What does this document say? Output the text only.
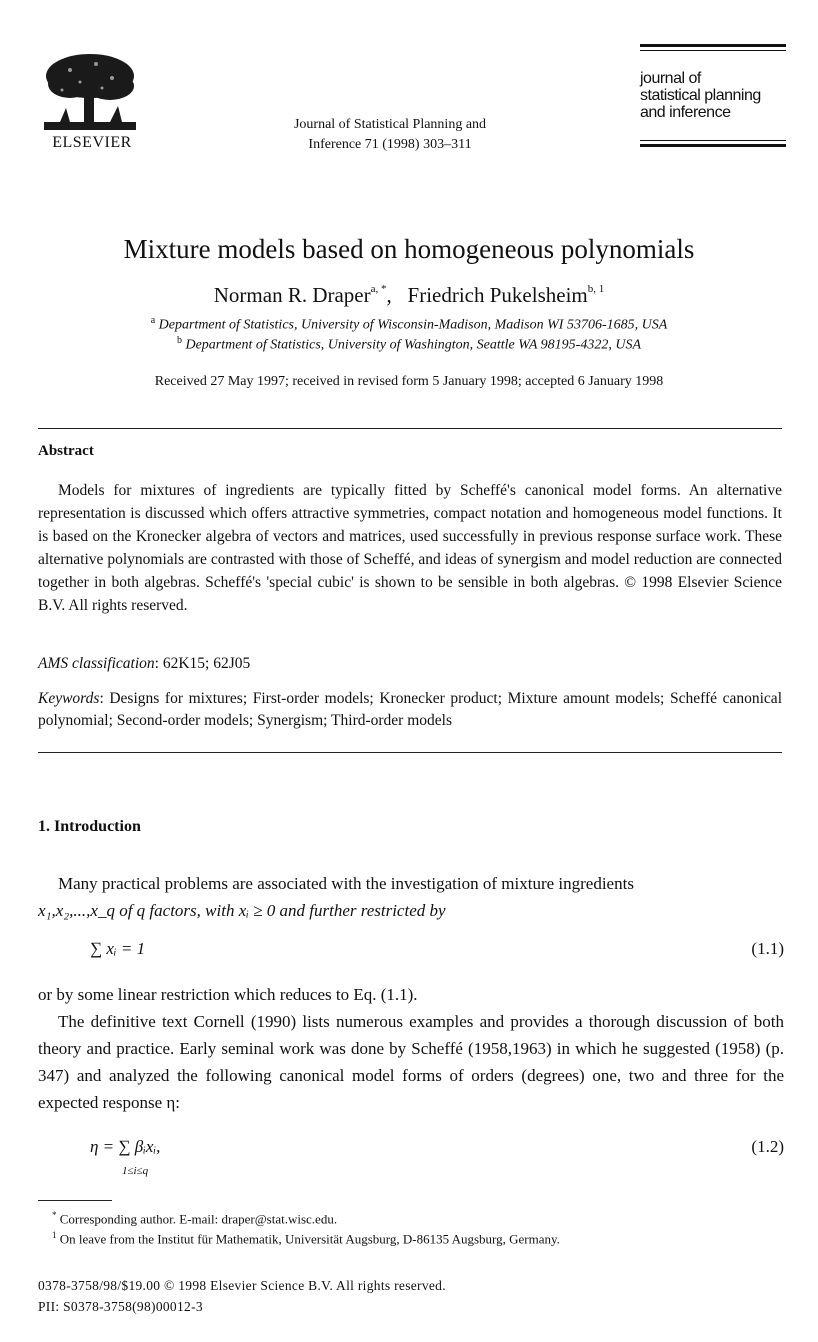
ELSEVIER
Journal of Statistical Planning and
Inference 71 (1998) 303–311
journal of
statistical planning
and inference
Mixture models based on homogeneous polynomials
Norman R. Draper$^{a, *}$,   Friedrich Pukelsheim$^{b, 1}$
$^a$ Department of Statistics, University of Wisconsin-Madison, Madison WI 53706-1685, USA
$^b$ Department of Statistics, University of Washington, Seattle WA 98195-4322, USA
Received 27 May 1997; received in revised form 5 January 1998; accepted 6 January 1998
Abstract
Models for mixtures of ingredients are typically fitted by Scheffé's canonical model forms. An alternative representation is discussed which offers attractive symmetries, compact notation and homogeneous model functions. It is based on the Kronecker algebra of vectors and matrices, used successfully in previous response surface work. These alternative polynomials are contrasted with those of Scheffé, and ideas of synergism and model reduction are connected together in both algebras. Scheffé's 'special cubic' is shown to be sensible in both algebras. © 1998 Elsevier Science B.V. All rights reserved.
AMS classification: 62K15; 62J05
Keywords: Designs for mixtures; First-order models; Kronecker product; Mixture amount models; Scheffé canonical polynomial; Second-order models; Synergism; Third-order models
1. Introduction
Many practical problems are associated with the investigation of mixture ingredients
x₁,x₂,...,x_q of q factors, with xᵢ ≥ 0 and further restricted by
∑ xᵢ = 1	(1.1)
or by some linear restriction which reduces to Eq. (1.1).
The definitive text Cornell (1990) lists numerous examples and provides a thorough discussion of both theory and practice. Early seminal work was done by Scheffé (1958,1963) in which he suggested (1958) (p. 347) and analyzed the following canonical model forms of orders (degrees) one, two and three for the expected response η:
η = ∑ βᵢxᵢ,	(1.2)
1≤i≤q
* Corresponding author. E-mail: draper@stat.wisc.edu.
$^1$ On leave from the Institut für Mathematik, Universität Augsburg, D-86135 Augsburg, Germany.
0378-3758/98/$19.00 © 1998 Elsevier Science B.V. All rights reserved.
PII: S0378-3758(98)00012-3
